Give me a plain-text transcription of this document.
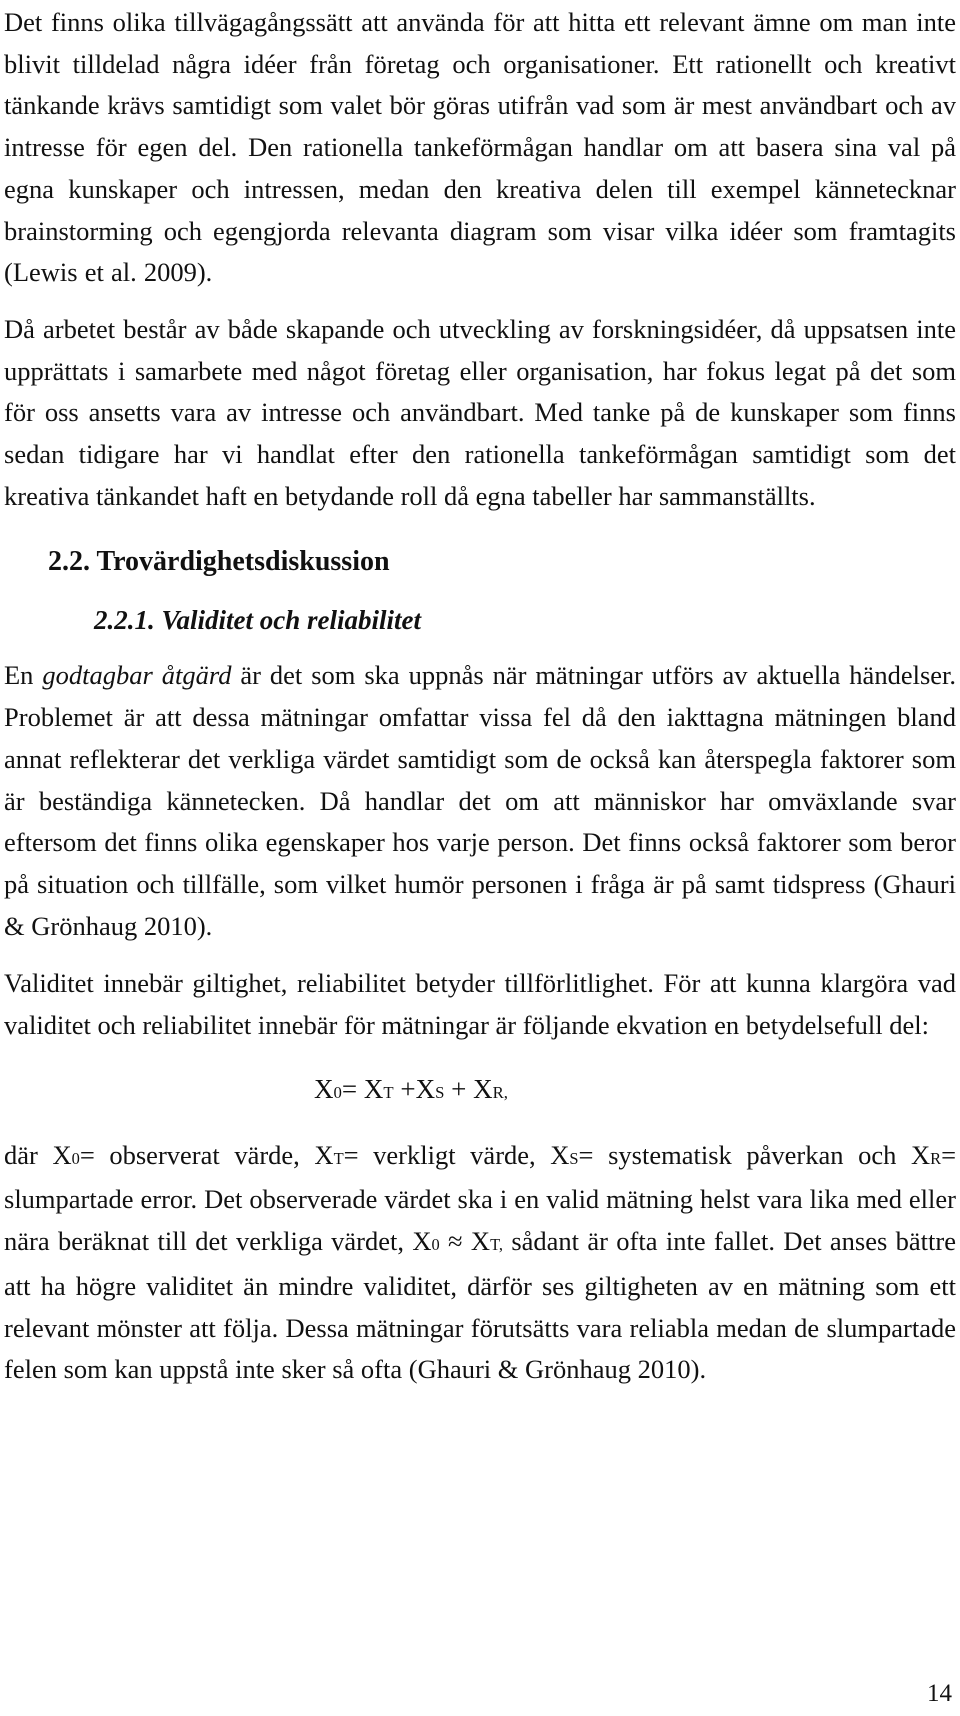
Det finns olika tillvägagångssätt att använda för att hitta ett relevant ämne om man inte blivit tilldelad några idéer från företag och organisationer. Ett rationellt och kreativt tänkande krävs samtidigt som valet bör göras utifrån vad som är mest användbart och av intresse för egen del. Den rationella tankeförmågan handlar om att basera sina val på egna kunskaper och intressen, medan den kreativa delen till exempel kännetecknar brainstorming och egengjorda relevanta diagram som visar vilka idéer som framtagits (Lewis et al. 2009).

Då arbetet består av både skapande och utveckling av forskningsidéer, då uppsatsen inte upprättats i samarbete med något företag eller organisation, har fokus legat på det som för oss ansetts vara av intresse och användbart. Med tanke på de kunskaper som finns sedan tidigare har vi handlat efter den rationella tankeförmågan samtidigt som det kreativa tänkandet haft en betydande roll då egna tabeller har sammanställts.

2.2. Trovärdighetsdiskussion
2.2.1. Validitet och reliabilitet

En godtagbar åtgärd är det som ska uppnås när mätningar utförs av aktuella händelser. Problemet är att dessa mätningar omfattar vissa fel då den iakttagna mätningen bland annat reflekterar det verkliga värdet samtidigt som de också kan återspegla faktorer som är beständiga kännetecken. Då handlar det om att människor har omväxlande svar eftersom det finns olika egenskaper hos varje person. Det finns också faktorer som beror på situation och tillfälle, som vilket humör personen i fråga är på samt tidspress (Ghauri & Grönhaug 2010).

Validitet innebär giltighet, reliabilitet betyder tillförlitlighet. För att kunna klargöra vad validitet och reliabilitet innebär för mätningar är följande ekvation en betydelsefull del:

X0= XT +XS + XR,

där X0= observerat värde, XT= verkligt värde, XS= systematisk påverkan och XR= slumpartade error. Det observerade värdet ska i en valid mätning helst vara lika med eller nära beräknat till det verkliga värdet, X0 ≈ XT, sådant är ofta inte fallet. Det anses bättre att ha högre validitet än mindre validitet, därför ses giltigheten av en mätning som ett relevant mönster att följa. Dessa mätningar förutsätts vara reliabla medan de slumpartade felen som kan uppstå inte sker så ofta (Ghauri & Grönhaug 2010).

14
